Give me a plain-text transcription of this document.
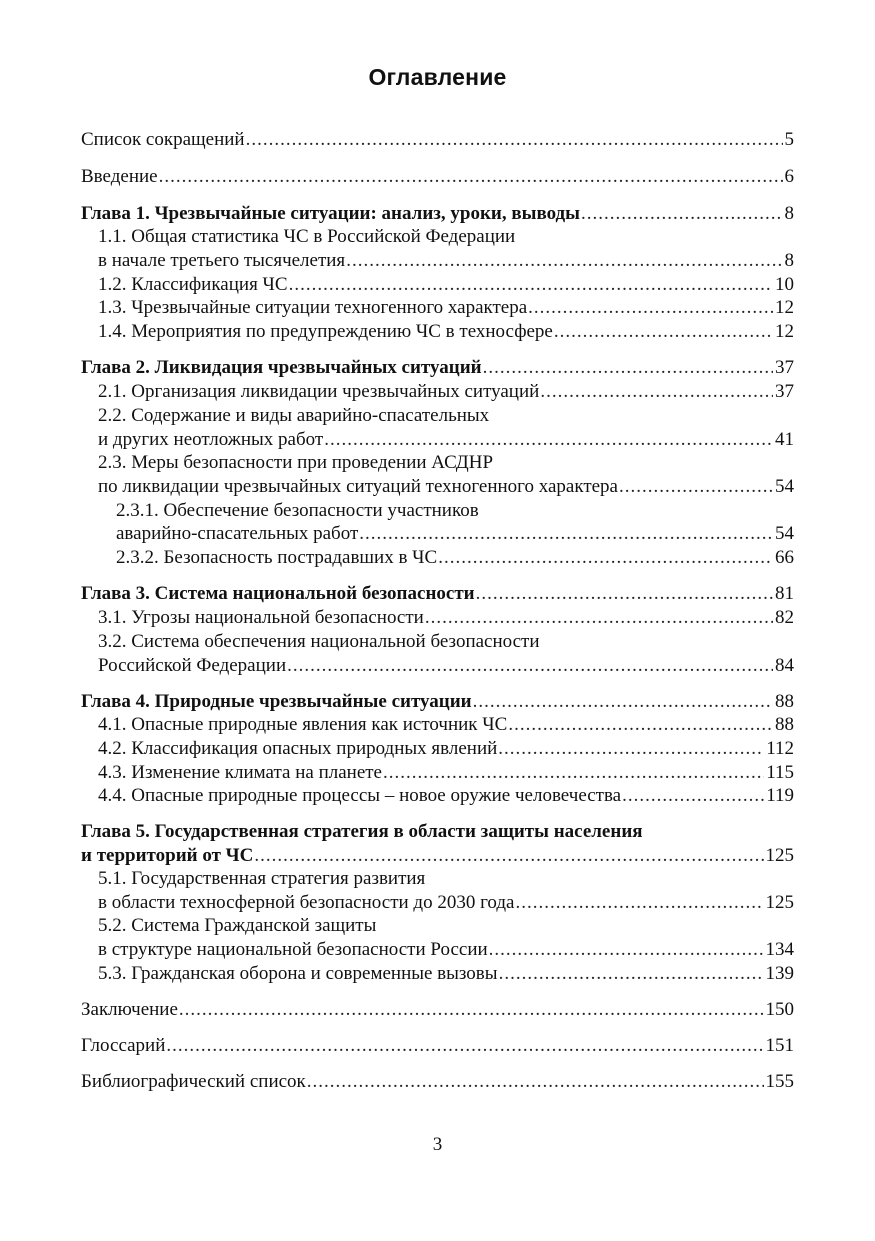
Оглавление
Список сокращений .....	5
Введение .....	6
Глава 1. Чрезвычайные ситуации: анализ, уроки, выводы .....	8
1.1. Общая статистика ЧС в Российской Федерации
в начале третьего тысячелетия .....	8
1.2. Классификация ЧС .....	10
1.3. Чрезвычайные ситуации техногенного характера .....	12
1.4. Мероприятия по предупреждению ЧС в техносфере .....	12
Глава 2. Ликвидация чрезвычайных ситуаций .....	37
2.1. Организация ликвидации чрезвычайных ситуаций .....	37
2.2. Содержание и виды аварийно-спасательных
и других неотложных работ .....	41
2.3. Меры безопасности при проведении АСДНР
по ликвидации чрезвычайных ситуаций техногенного характера .....	54
2.3.1. Обеспечение безопасности участников
аварийно-спасательных работ .....	54
2.3.2. Безопасность пострадавших в ЧС .....	66
Глава 3. Система национальной безопасности .....	81
3.1. Угрозы национальной безопасности .....	82
3.2. Система обеспечения национальной безопасности
Российской Федерации .....	84
Глава 4. Природные чрезвычайные ситуации .....	88
4.1. Опасные природные явления как источник ЧС .....	88
4.2. Классификация опасных природных явлений .....	112
4.3. Изменение климата на планете .....	115
4.4. Опасные природные процессы – новое оружие человечества .....	119
Глава 5. Государственная стратегия в области защиты населения
и территорий от ЧС .....	125
5.1. Государственная стратегия развития
в области техносферной безопасности до 2030 года .....	125
5.2. Система Гражданской защиты
в структуре национальной безопасности России .....	134
5.3. Гражданская оборона и современные вызовы .....	139
Заключение .....	150
Глоссарий .....	151
Библиографический список .....	155
3
